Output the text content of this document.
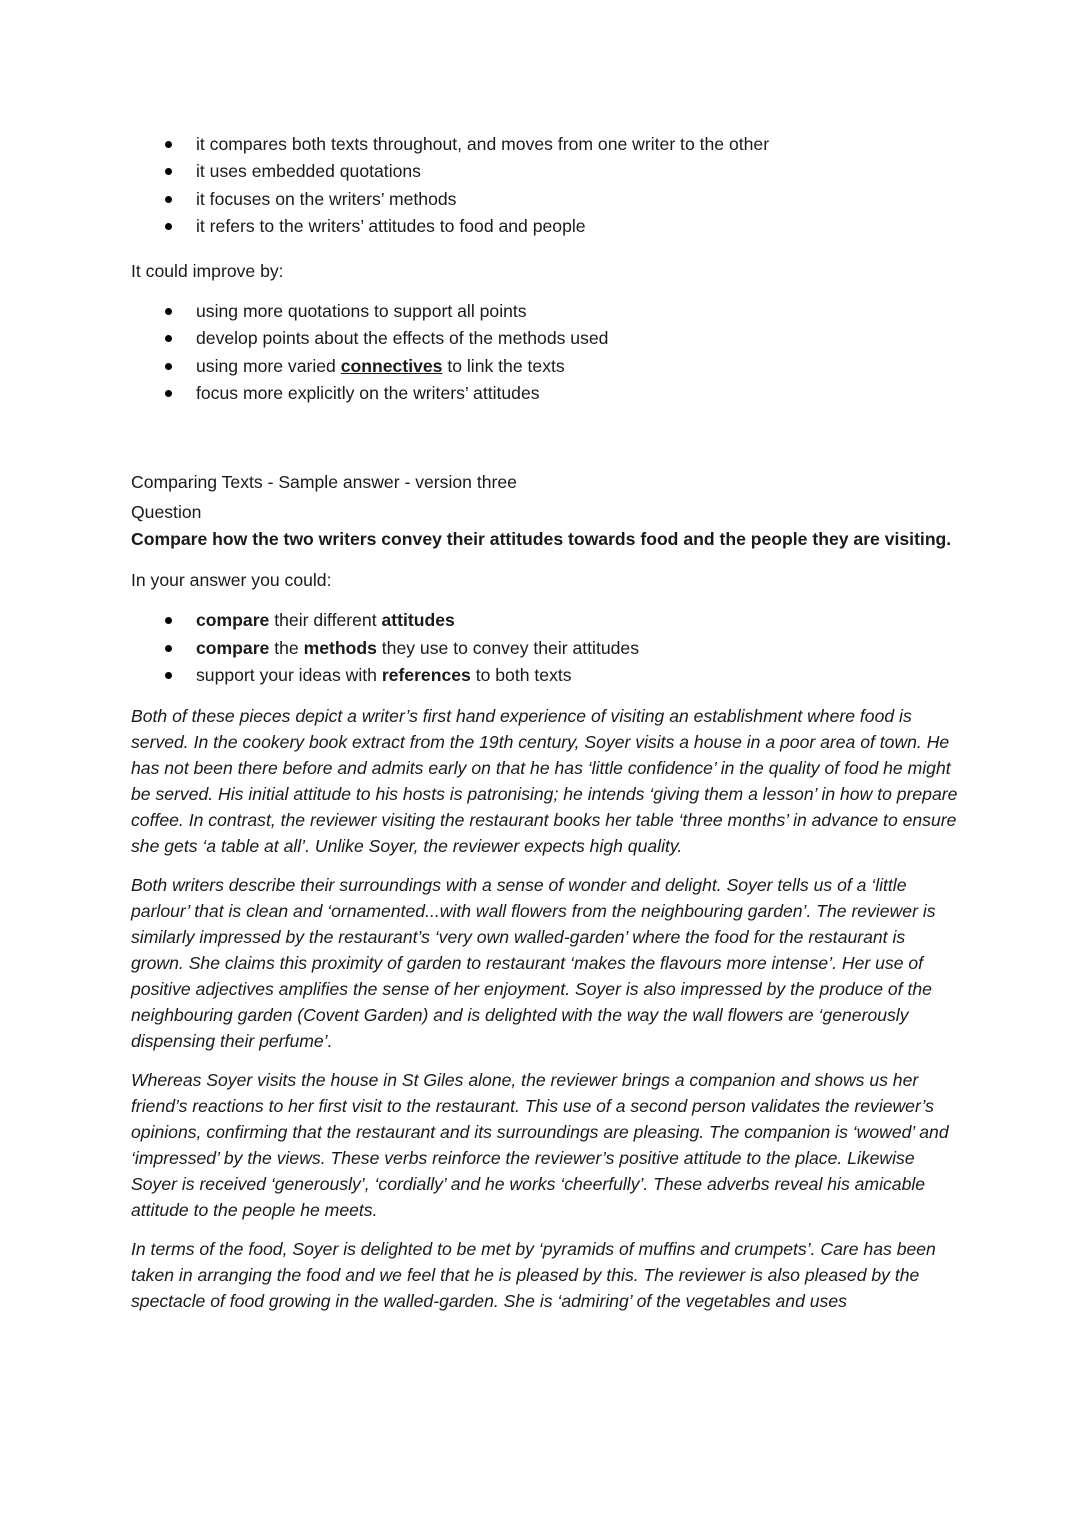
it compares both texts throughout, and moves from one writer to the other
it uses embedded quotations
it focuses on the writers’ methods
it refers to the writers’ attitudes to food and people

It could improve by:

using more quotations to support all points
develop points about the effects of the methods used
using more varied connectives to link the texts
focus more explicitly on the writers’ attitudes

Comparing Texts - Sample answer - version three

Question

Compare how the two writers convey their attitudes towards food and the people they are visiting.

In your answer you could:

compare their different attitudes
compare the methods they use to convey their attitudes
support your ideas with references to both texts

Both of these pieces depict a writer’s first hand experience of visiting an establishment where food is served. In the cookery book extract from the 19th century, Soyer visits a house in a poor area of town. He has not been there before and admits early on that he has ‘little confidence’ in the quality of food he might be served. His initial attitude to his hosts is patronising; he intends ‘giving them a lesson’ in how to prepare coffee. In contrast, the reviewer visiting the restaurant books her table ‘three months’ in advance to ensure she gets ‘a table at all’. Unlike Soyer, the reviewer expects high quality.

Both writers describe their surroundings with a sense of wonder and delight. Soyer tells us of a ‘little parlour’ that is clean and ‘ornamented...with wall flowers from the neighbouring garden’. The reviewer is similarly impressed by the restaurant’s ‘very own walled-garden’ where the food for the restaurant is grown. She claims this proximity of garden to restaurant ‘makes the flavours more intense’. Her use of positive adjectives amplifies the sense of her enjoyment. Soyer is also impressed by the produce of the neighbouring garden (Covent Garden) and is delighted with the way the wall flowers are ‘generously dispensing their perfume’.

Whereas Soyer visits the house in St Giles alone, the reviewer brings a companion and shows us her friend’s reactions to her first visit to the restaurant. This use of a second person validates the reviewer’s opinions, confirming that the restaurant and its surroundings are pleasing. The companion is ‘wowed’ and ‘impressed’ by the views. These verbs reinforce the reviewer’s positive attitude to the place. Likewise Soyer is received ‘generously’, ‘cordially’ and he works ‘cheerfully’. These adverbs reveal his amicable attitude to the people he meets.

In terms of the food, Soyer is delighted to be met by ‘pyramids of muffins and crumpets’. Care has been taken in arranging the food and we feel that he is pleased by this. The reviewer is also pleased by the spectacle of food growing in the walled-garden. She is ‘admiring’ of the vegetables and uses
